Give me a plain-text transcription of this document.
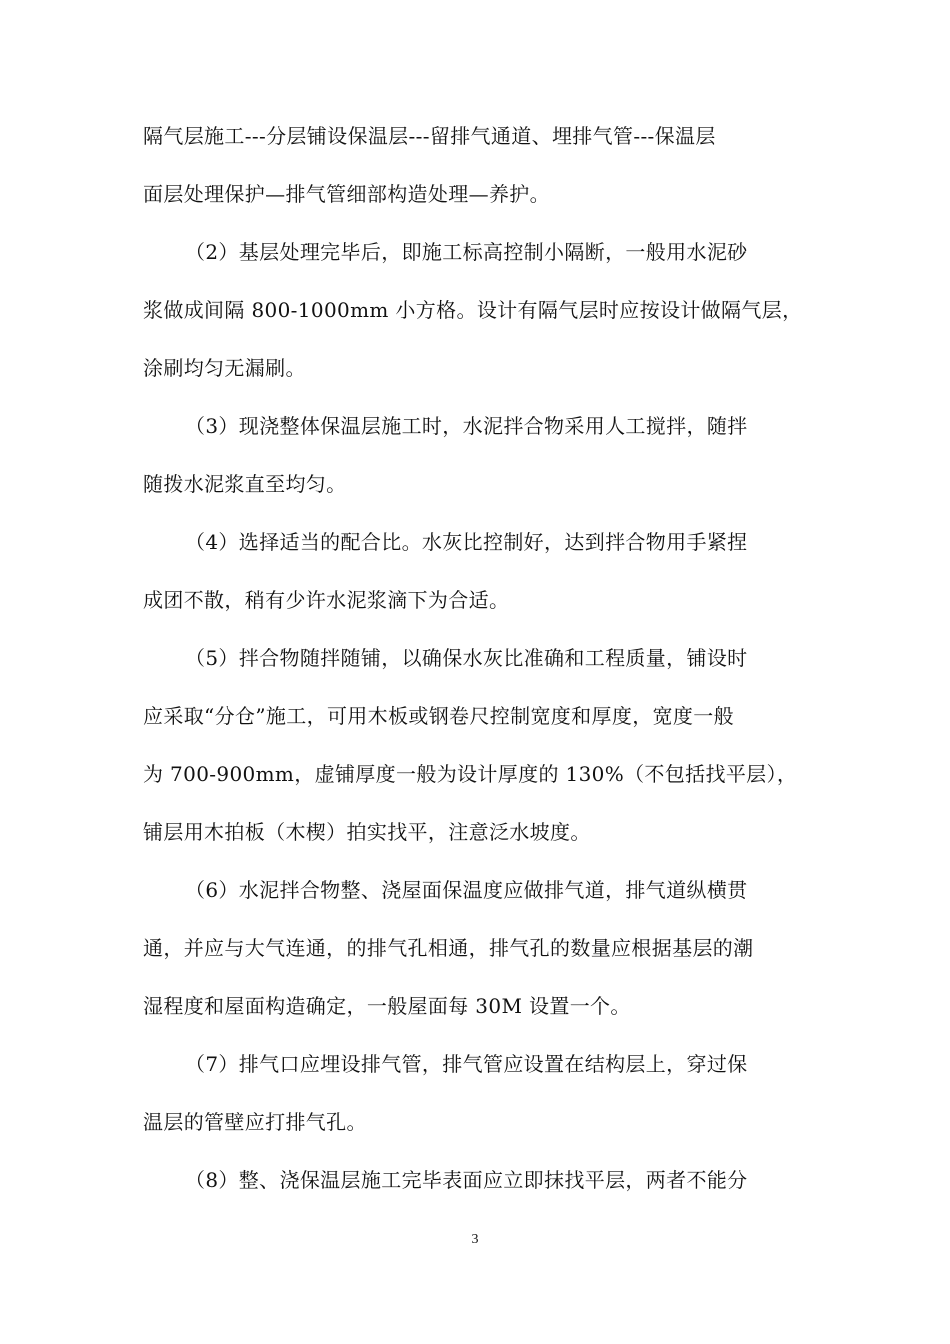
隔气层施工---分层铺设保温层---留排气通道、埋排气管---保温层
面层处理保护—排气管细部构造处理—养护。
（2）基层处理完毕后，即施工标高控制小隔断，一般用水泥砂
浆做成间隔 800-1000mm 小方格。设计有隔气层时应按设计做隔气层，
涂刷均匀无漏刷。
（3）现浇整体保温层施工时，水泥拌合物采用人工搅拌，随拌
随拨水泥浆直至均匀。
（4）选择适当的配合比。水灰比控制好，达到拌合物用手紧捏
成团不散，稍有少许水泥浆滴下为合适。
（5）拌合物随拌随铺，以确保水灰比准确和工程质量，铺设时
应采取“分仓”施工，可用木板或钢卷尺控制宽度和厚度，宽度一般
为 700-900mm，虚铺厚度一般为设计厚度的 130%（不包括找平层），
铺层用木拍板（木楔）拍实找平，注意泛水坡度。
（6）水泥拌合物整、浇屋面保温度应做排气道，排气道纵横贯
通，并应与大气连通，的排气孔相通，排气孔的数量应根据基层的潮
湿程度和屋面构造确定，一般屋面每 30M 设置一个。
（7）排气口应埋设排气管，排气管应设置在结构层上，穿过保
温层的管壁应打排气孔。
（8）整、浇保温层施工完毕表面应立即抹找平层，两者不能分
3
